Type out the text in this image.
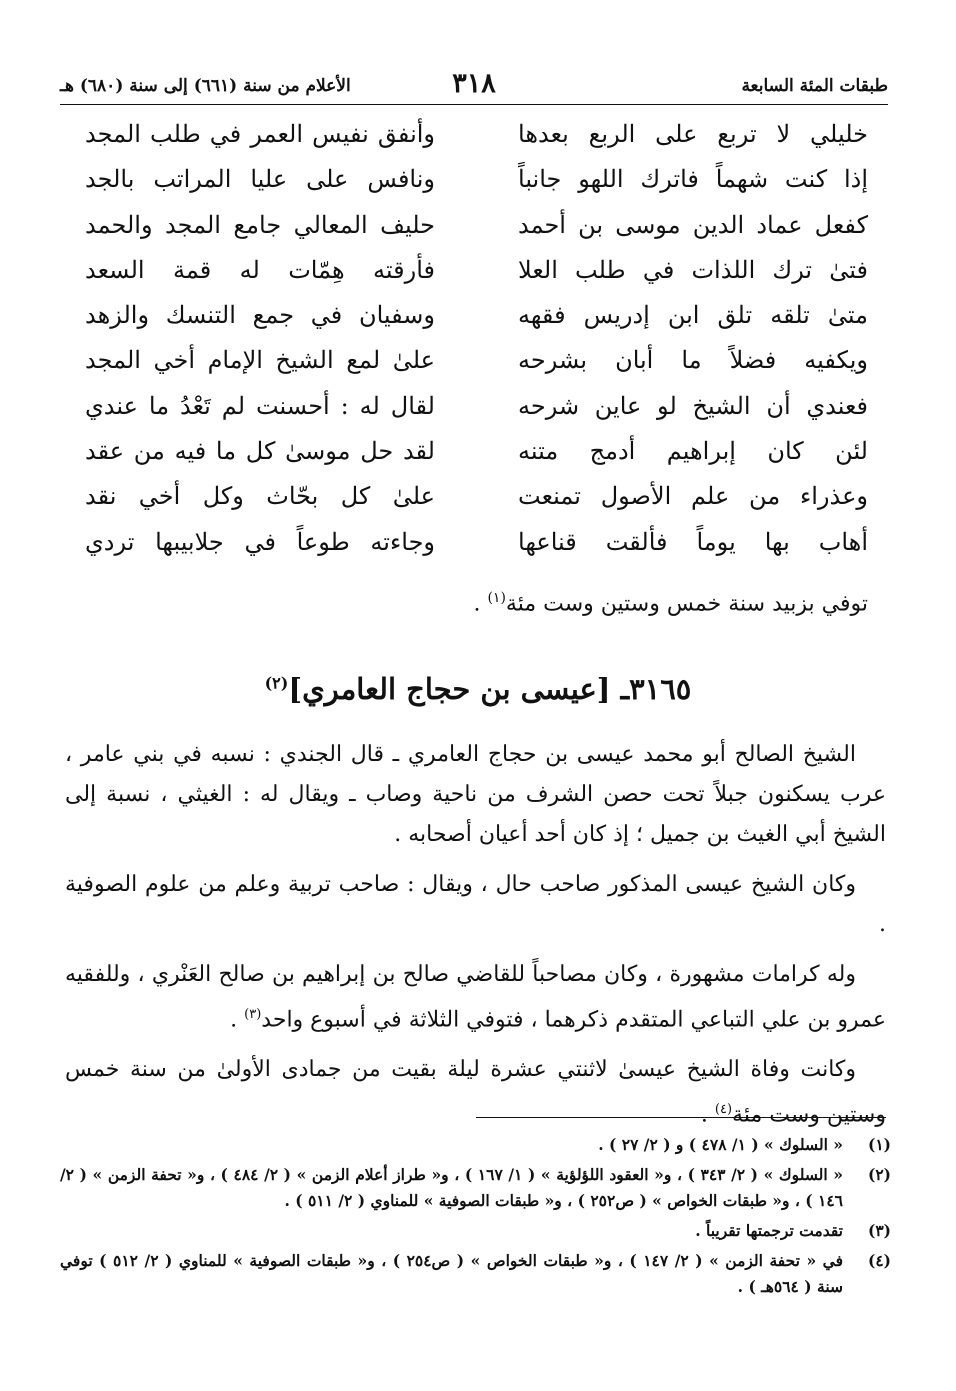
طبقات المئة السابعة
٣١٨
الأعلام من سنة (٦٦١) إلى سنة (٦٨٠) هـ
خليلي لا تربع على الربع بعدها
وأنفق نفيس العمر في طلب المجد
إذا كنت شهماً فاترك اللهو جانباً
ونافس على عليا المراتب بالجد
كفعل عماد الدين موسى بن أحمد
حليف المعالي جامع المجد والحمد
فتىٰ ترك اللذات في طلب العلا
فأرقته هِمّات له قمة السعد
متىٰ تلقه تلق ابن إدريس فقهه
وسفيان في جمع التنسك والزهد
ويكفيه فضلاً ما أبان بشرحه
علىٰ لمع الشيخ الإمام أخي المجد
فعندي أن الشيخ لو عاين شرحه
لقال له : أحسنت لم تَعْدُ ما عندي
لئن كان إبراهيم أدمج متنه
لقد حل موسىٰ كل ما فيه من عقد
وعذراء من علم الأصول تمنعت
علىٰ كل بحّاث وكل أخي نقد
أهاب بها يوماً فألقت قناعها
وجاءته طوعاً في جلابيبها تردي
توفي بزبيد سنة خمس وستين وست مئة$^{(١)}$ .
٣١٦٥ـ [عيسى بن حجاج العامري]$^{(٢)}$

الشيخ الصالح أبو محمد عيسى بن حجاج العامري ـ قال الجندي : نسبه في بني عامر ، عرب يسكنون جبلاً تحت حصن الشرف من ناحية وصاب ـ ويقال له : الغيثي ، نسبة إلى الشيخ أبي الغيث بن جميل ؛ إذ كان أحد أعيان أصحابه .

وكان الشيخ عيسى المذكور صاحب حال ، ويقال : صاحب تربية وعلم من علوم الصوفية .

وله كرامات مشهورة ، وكان مصاحباً للقاضي صالح بن إبراهيم بن صالح العَنْري ، وللفقيه عمرو بن علي التباعي المتقدم ذكرهما ، فتوفي الثلاثة في أسبوع واحد$^{(٣)}$ .

وكانت وفاة الشيخ عيسىٰ لاثنتي عشرة ليلة بقيت من جمادى الأولىٰ من سنة خمس وستين وست مئة$^{(٤)}$ .

(١)
« السلوك » ( ١/ ٤٧٨ ) و ( ٢/ ٢٧ ) .
(٢)
« السلوك » ( ٢/ ٣٤٣ ) ، و« العقود اللؤلؤية » ( ١/ ١٦٧ ) ، و« طراز أعلام الزمن » ( ٢/ ٤٨٤ ) ، و« تحفة الزمن » ( ٢/ ١٤٦ ) ، و« طبقات الخواص » ( ص٢٥٢ ) ، و« طبقات الصوفية » للمناوي ( ٢/ ٥١١ ) .
(٣)
تقدمت ترجمتها تقريباً .
(٤)
في « تحفة الزمن » ( ٢/ ١٤٧ ) ، و« طبقات الخواص » ( ص٢٥٤ ) ، و« طبقات الصوفية » للمناوي ( ٢/ ٥١٢ ) توفي سنة ( ٥٦٤هـ ) .
